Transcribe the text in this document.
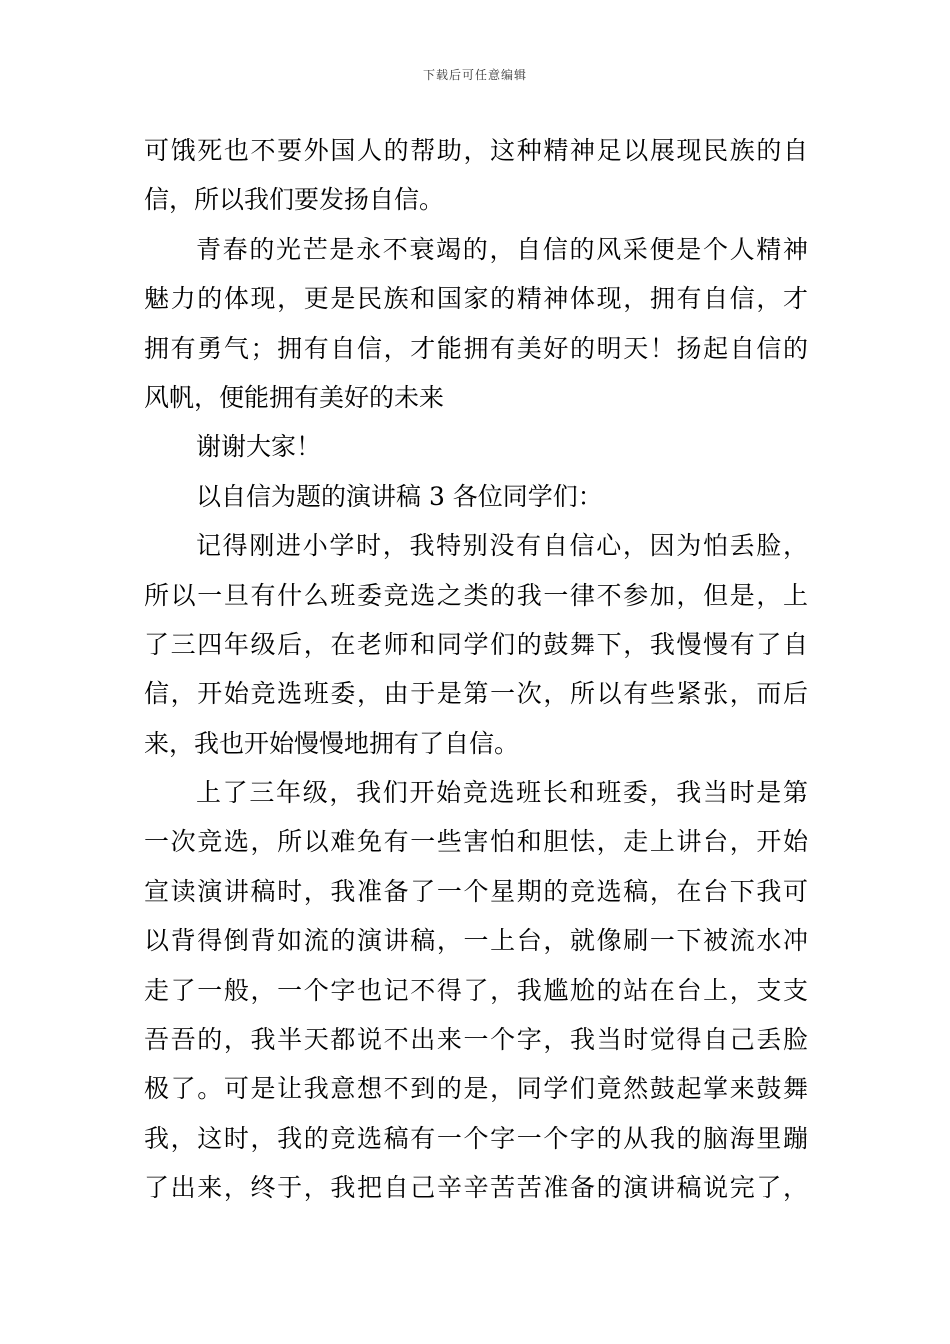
下载后可任意编辑
可饿死也不要外国人的帮助，这种精神足以展现民族的自
信，所以我们要发扬自信。
青春的光芒是永不衰竭的，自信的风采便是个人精神
魅力的体现，更是民族和国家的精神体现，拥有自信，才
拥有勇气；拥有自信，才能拥有美好的明天！扬起自信的
风帆，便能拥有美好的未来
谢谢大家！
以自信为题的演讲稿 3 各位同学们：
记得刚进小学时，我特别没有自信心，因为怕丢脸，
所以一旦有什么班委竞选之类的我一律不参加，但是，上
了三四年级后，在老师和同学们的鼓舞下，我慢慢有了自
信，开始竞选班委，由于是第一次，所以有些紧张，而后
来，我也开始慢慢地拥有了自信。
上了三年级，我们开始竞选班长和班委，我当时是第
一次竞选，所以难免有一些害怕和胆怯，走上讲台，开始
宣读演讲稿时，我准备了一个星期的竞选稿，在台下我可
以背得倒背如流的演讲稿，一上台，就像刷一下被流水冲
走了一般，一个字也记不得了，我尴尬的站在台上，支支
吾吾的，我半天都说不出来一个字，我当时觉得自己丢脸
极了。可是让我意想不到的是，同学们竟然鼓起掌来鼓舞
我，这时，我的竞选稿有一个字一个字的从我的脑海里蹦
了出来，终于，我把自己辛辛苦苦准备的演讲稿说完了，
